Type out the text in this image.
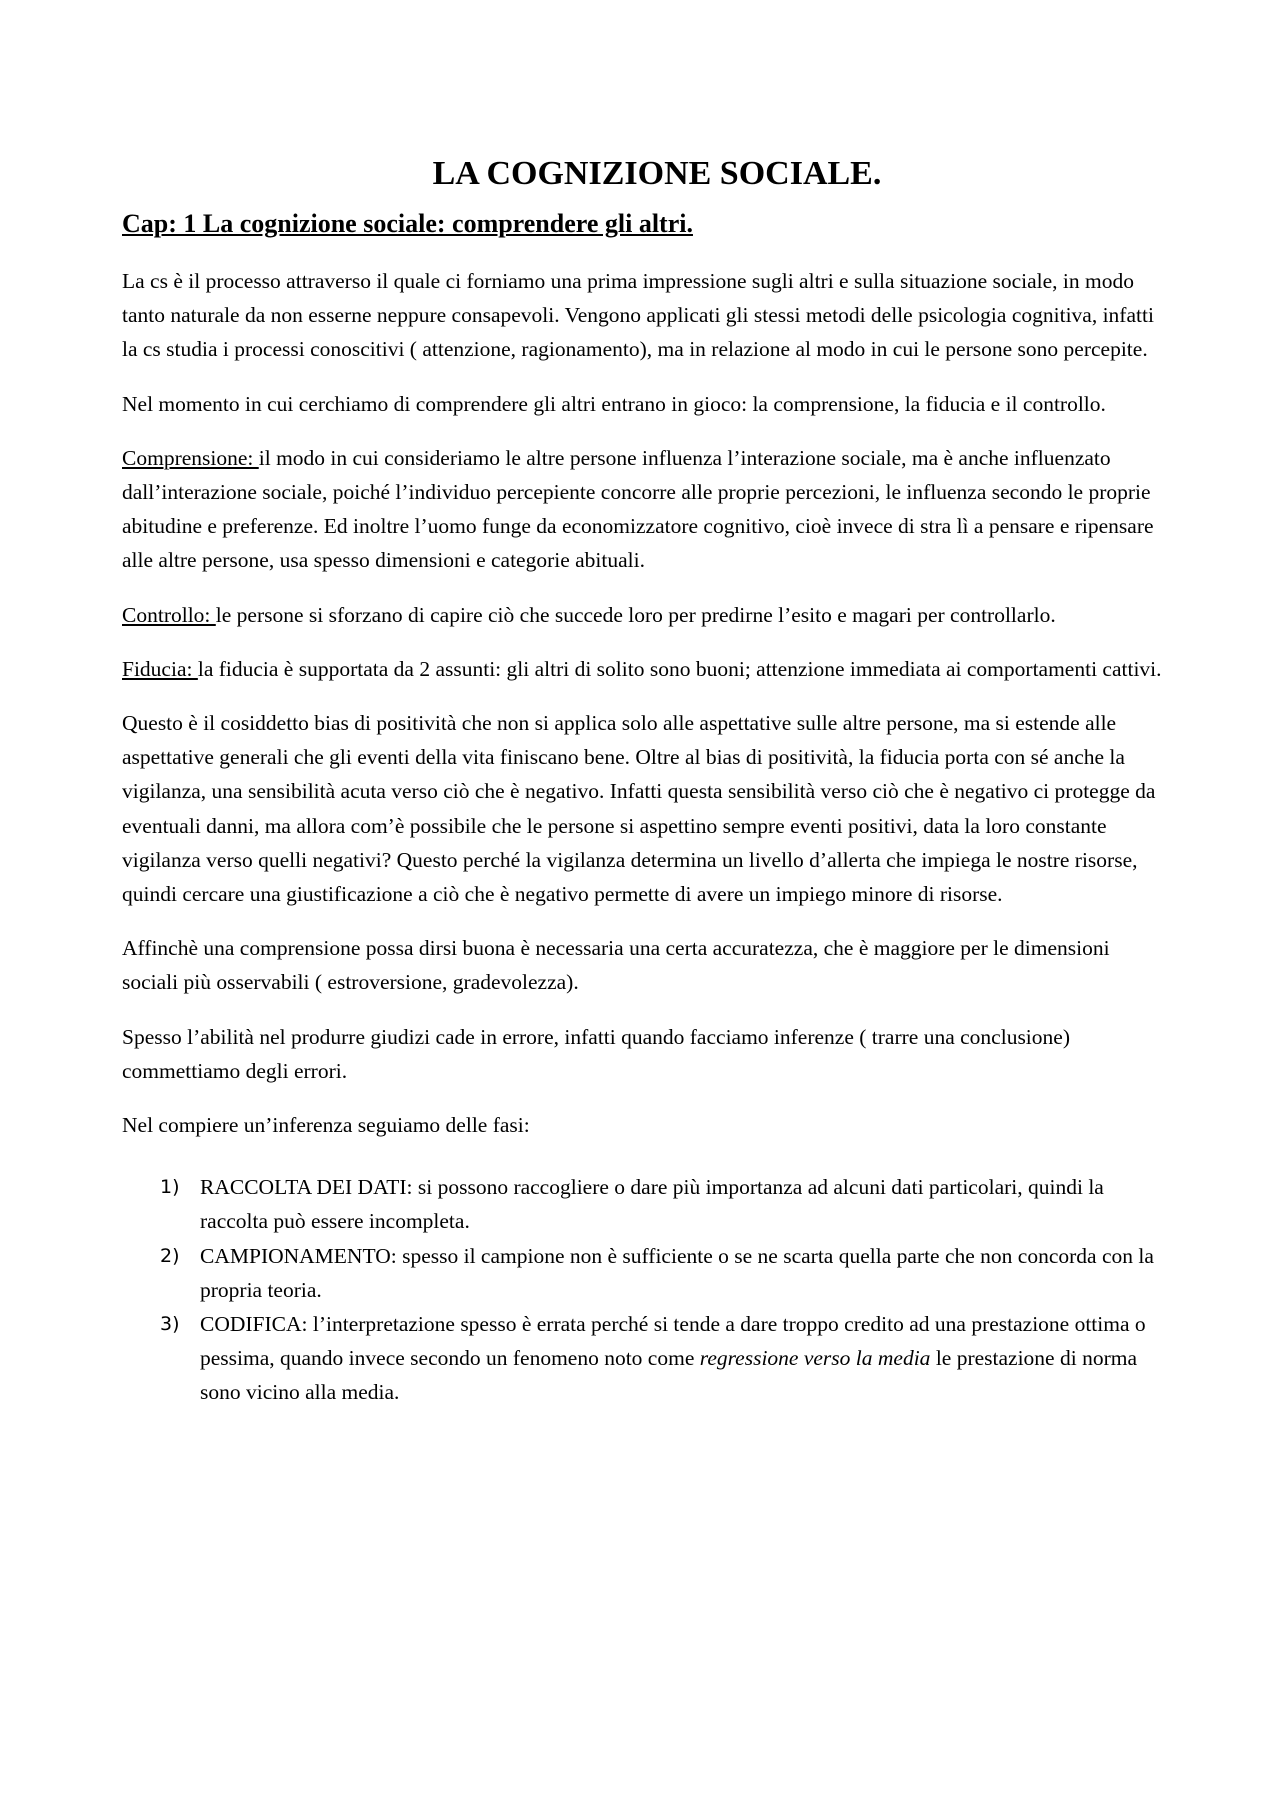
LA COGNIZIONE SOCIALE.
Cap: 1 La cognizione sociale: comprendere gli altri.

La cs è il processo attraverso il quale ci forniamo una prima impressione sugli altri e sulla situazione sociale, in modo tanto naturale da non esserne neppure consapevoli. Vengono applicati gli stessi metodi delle psicologia cognitiva, infatti la cs studia i processi conoscitivi ( attenzione, ragionamento), ma in relazione al modo in cui le persone sono percepite.

Nel momento in cui cerchiamo di comprendere gli altri entrano in gioco: la comprensione, la fiducia e il controllo.

Comprensione: il modo in cui consideriamo le altre persone influenza l’interazione sociale, ma è anche influenzato dall’interazione sociale, poiché l’individuo percepiente concorre alle proprie percezioni, le influenza secondo le proprie abitudine e preferenze. Ed inoltre l’uomo funge da economizzatore cognitivo, cioè invece di stra lì a pensare e ripensare alle altre persone, usa spesso dimensioni e categorie abituali.

Controllo: le persone si sforzano di capire ciò che succede loro per predirne l’esito e magari per controllarlo.

Fiducia: la fiducia è supportata da 2 assunti: gli altri di solito sono buoni; attenzione immediata ai comportamenti cattivi.

Questo è il cosiddetto bias di positività che non si applica solo alle aspettative sulle altre persone, ma si estende alle aspettative generali che gli eventi della vita finiscano bene. Oltre al bias di positività, la fiducia porta con sé anche la vigilanza, una sensibilità acuta verso ciò che è negativo. Infatti questa sensibilità verso ciò che è negativo ci protegge da eventuali danni, ma allora com’è possibile che le persone si aspettino sempre eventi positivi, data la loro constante vigilanza verso quelli negativi? Questo perché la vigilanza determina un livello d’allerta che impiega le nostre risorse, quindi cercare una giustificazione a ciò che è negativo permette di avere un impiego minore di risorse.

Affinchè una comprensione possa dirsi buona è necessaria una certa accuratezza, che è maggiore per le dimensioni sociali più osservabili ( estroversione, gradevolezza).

Spesso l’abilità nel produrre giudizi cade in errore, infatti quando facciamo inferenze ( trarre una conclusione) commettiamo degli errori.

Nel compiere un’inferenza seguiamo delle fasi:

1) RACCOLTA DEI DATI: si possono raccogliere o dare più importanza ad alcuni dati particolari, quindi la raccolta può essere incompleta.
2) CAMPIONAMENTO: spesso il campione non è sufficiente o se ne scarta quella parte che non concorda con la propria teoria.
3) CODIFICA: l’interpretazione spesso è errata perché si tende a dare troppo credito ad una prestazione ottima o pessima, quando invece secondo un fenomeno noto come regressione verso la media le prestazione di norma sono vicino alla media.
